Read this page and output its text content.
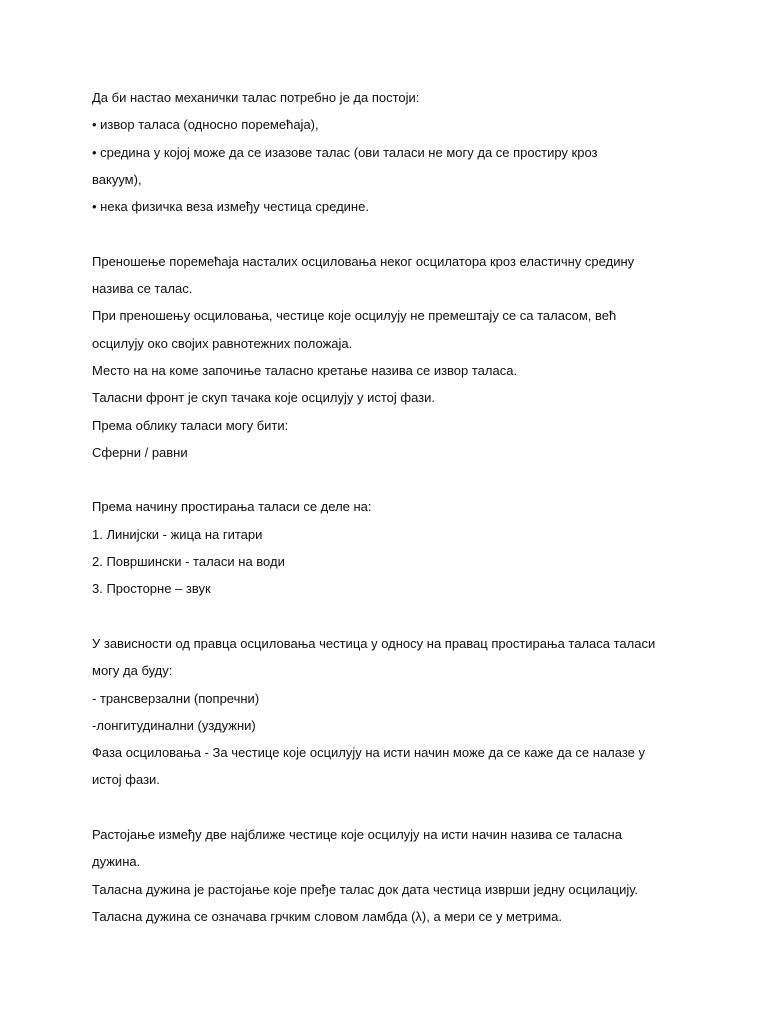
Да би настао механички талас потребно је да постоји:
• извор таласа (односно поремећаја),
• средина у којој може да се изазове талас (ови таласи не могу да се простиру кроз
вакуум),
• нека физичка веза између честица средине.
Преношење поремећаја насталих осциловања неког осцилатора кроз еластичну средину
назива се талас.
При преношењу осциловања, честице које осцилују не премештају се са таласом, већ
осцилују око својих равнотежних положаја.
Место на на коме започиње таласно кретање назива се извор таласа.
Таласни фронт је скуп тачака које осцилују у истој фази.
Према облику таласи могу бити:
Сферни / равни
Према начину простирања таласи се деле на:
1. Линијски - жица на гитари
2. Површински - таласи на води
3. Просторне – звук
У зависности од правца осциловања честица у односу на правац простирања таласа таласи
могу да буду:
- трансверзални (попречни)
-лонгитудинални (уздужни)
Фаза осциловања - За честице које осцилују на исти начин може да се каже да се налазе у
истој фази.
Растојање између две најближе честице које осцилују на исти начин назива се таласна
дужина.
Таласна дужина је растојање које пређе талас док дата честица изврши једну осцилацију.
Таласна дужина се означава грчким словом ламбда (λ), а мери се у метрима.
